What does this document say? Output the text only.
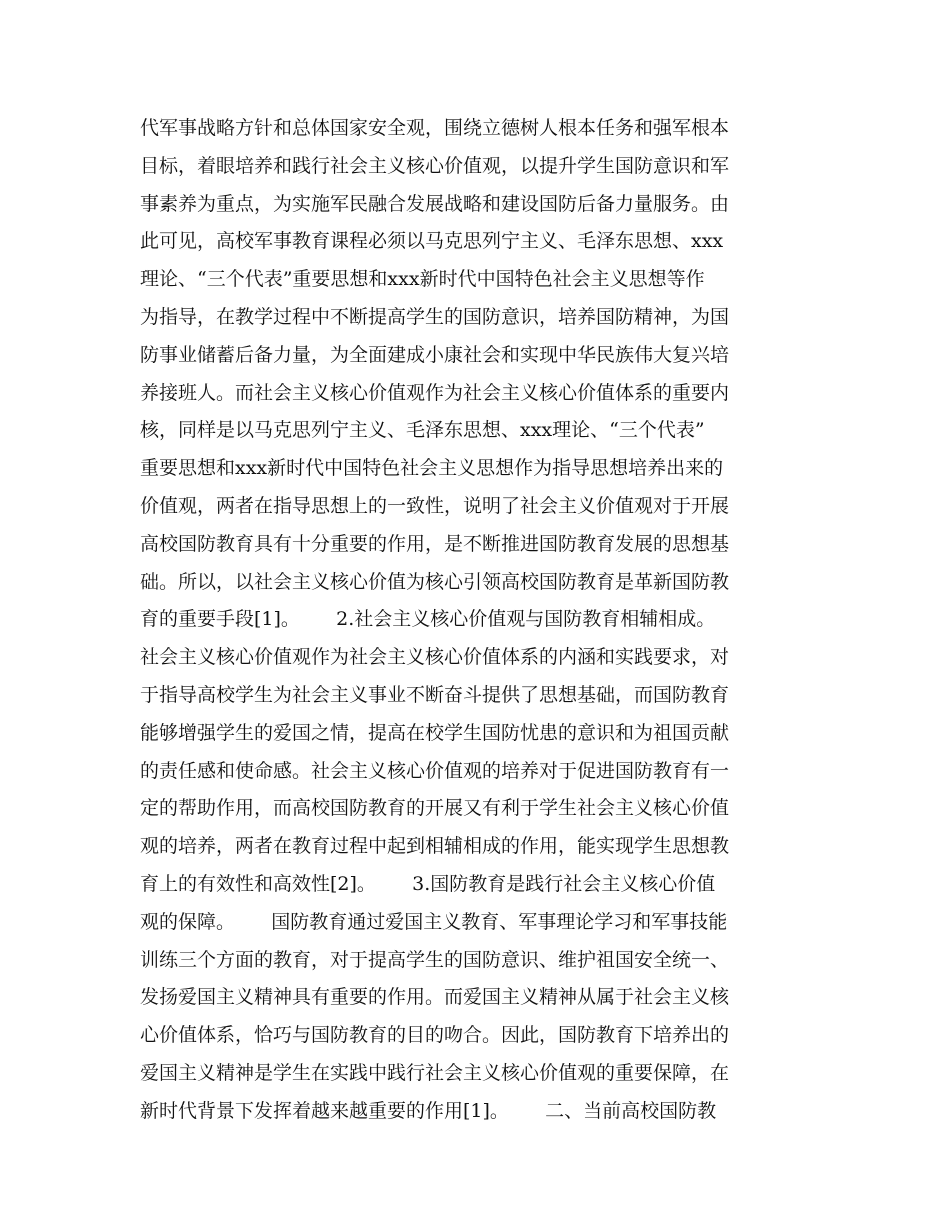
代军事战略方针和总体国家安全观，围绕立德树人根本任务和强军根本
目标，着眼培养和践行社会主义核心价值观，以提升学生国防意识和军
事素养为重点，为实施军民融合发展战略和建设国防后备力量服务。由
此可见，高校军事教育课程必须以马克思列宁主义、毛泽东思想、xxx
理论、“三个代表”重要思想和xxx新时代中国特色社会主义思想等作
为指导，在教学过程中不断提高学生的国防意识，培养国防精神，为国
防事业储蓄后备力量，为全面建成小康社会和实现中华民族伟大复兴培
养接班人。而社会主义核心价值观作为社会主义核心价值体系的重要内
核，同样是以马克思列宁主义、毛泽东思想、xxx理论、“三个代表”
重要思想和xxx新时代中国特色社会主义思想作为指导思想培养出来的
价值观，两者在指导思想上的一致性，说明了社会主义价值观对于开展
高校国防教育具有十分重要的作用，是不断推进国防教育发展的思想基
础。所以，以社会主义核心价值为核心引领高校国防教育是革新国防教
育的重要手段[1]。      2.社会主义核心价值观与国防教育相辅相成。
社会主义核心价值观作为社会主义核心价值体系的内涵和实践要求，对
于指导高校学生为社会主义事业不断奋斗提供了思想基础，而国防教育
能够增强学生的爱国之情，提高在校学生国防忧患的意识和为祖国贡献
的责任感和使命感。社会主义核心价值观的培养对于促进国防教育有一
定的帮助作用，而高校国防教育的开展又有利于学生社会主义核心价值
观的培养，两者在教育过程中起到相辅相成的作用，能实现学生思想教
育上的有效性和高效性[2]。      3.国防教育是践行社会主义核心价值
观的保障。      国防教育通过爱国主义教育、军事理论学习和军事技能
训练三个方面的教育，对于提高学生的国防意识、维护祖国安全统一、
发扬爱国主义精神具有重要的作用。而爱国主义精神从属于社会主义核
心价值体系，恰巧与国防教育的目的吻合。因此，国防教育下培养出的
爱国主义精神是学生在实践中践行社会主义核心价值观的重要保障，在
新时代背景下发挥着越来越重要的作用[1]。      二、当前高校国防教
